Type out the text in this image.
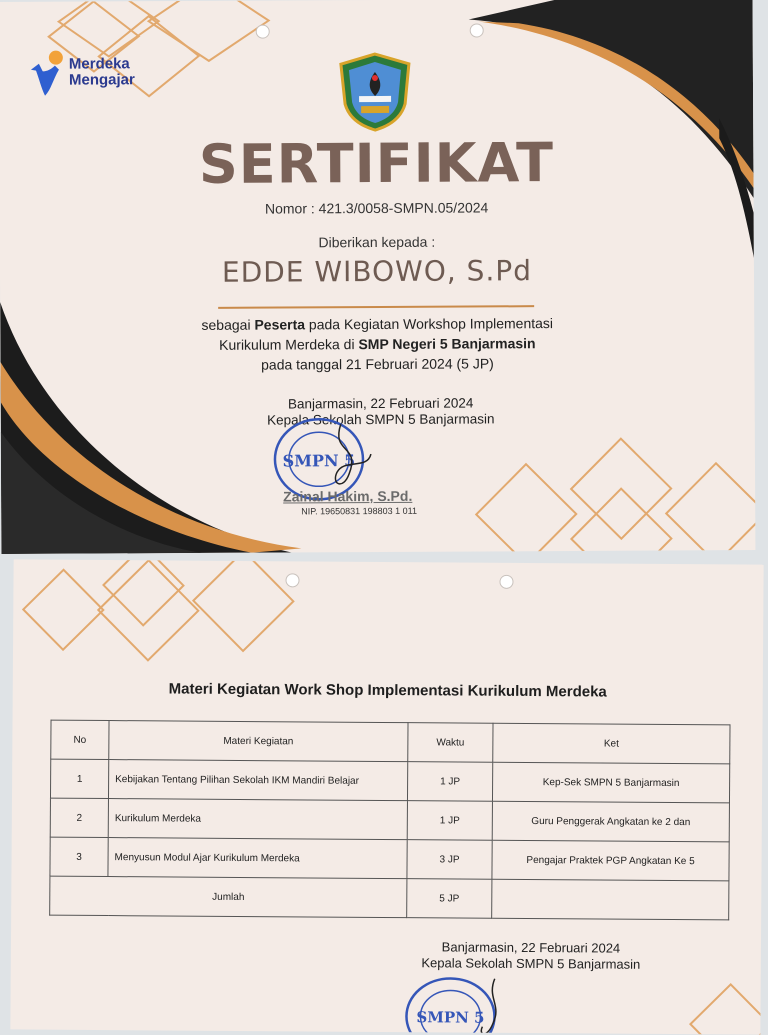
Merdeka
Mengajar
SERTIFIKAT
Nomor : 421.3/0058-SMPN.05/2024
Diberikan kepada :
EDDE WIBOWO, S.Pd
sebagai Peserta pada Kegiatan Workshop Implementasi
Kurikulum Merdeka di SMP Negeri 5 Banjarmasin
pada tanggal 21 Februari 2024 (5 JP)
Banjarmasin, 22 Februari 2024
Kepala Sekolah SMPN 5 Banjarmasin
SMPN 5
Zainal Hakim, S.Pd.
NIP. 19650831 198803 1 011
Materi Kegiatan Work Shop Implementasi Kurikulum Merdeka
No	Materi Kegiatan	Waktu	Ket
1	Kebijakan Tentang Pilihan Sekolah IKM Mandiri Belajar	1 JP	Kep-Sek SMPN 5 Banjarmasin
2	Kurikulum Merdeka	1 JP	Guru Penggerak Angkatan ke 2 dan
3	Menyusun Modul Ajar Kurikulum Merdeka	3 JP	Pengajar Praktek PGP Angkatan Ke 5
Jumlah		5 JP	
Banjarmasin, 22 Februari 2024
Kepala Sekolah SMPN 5 Banjarmasin
SMPN 5
